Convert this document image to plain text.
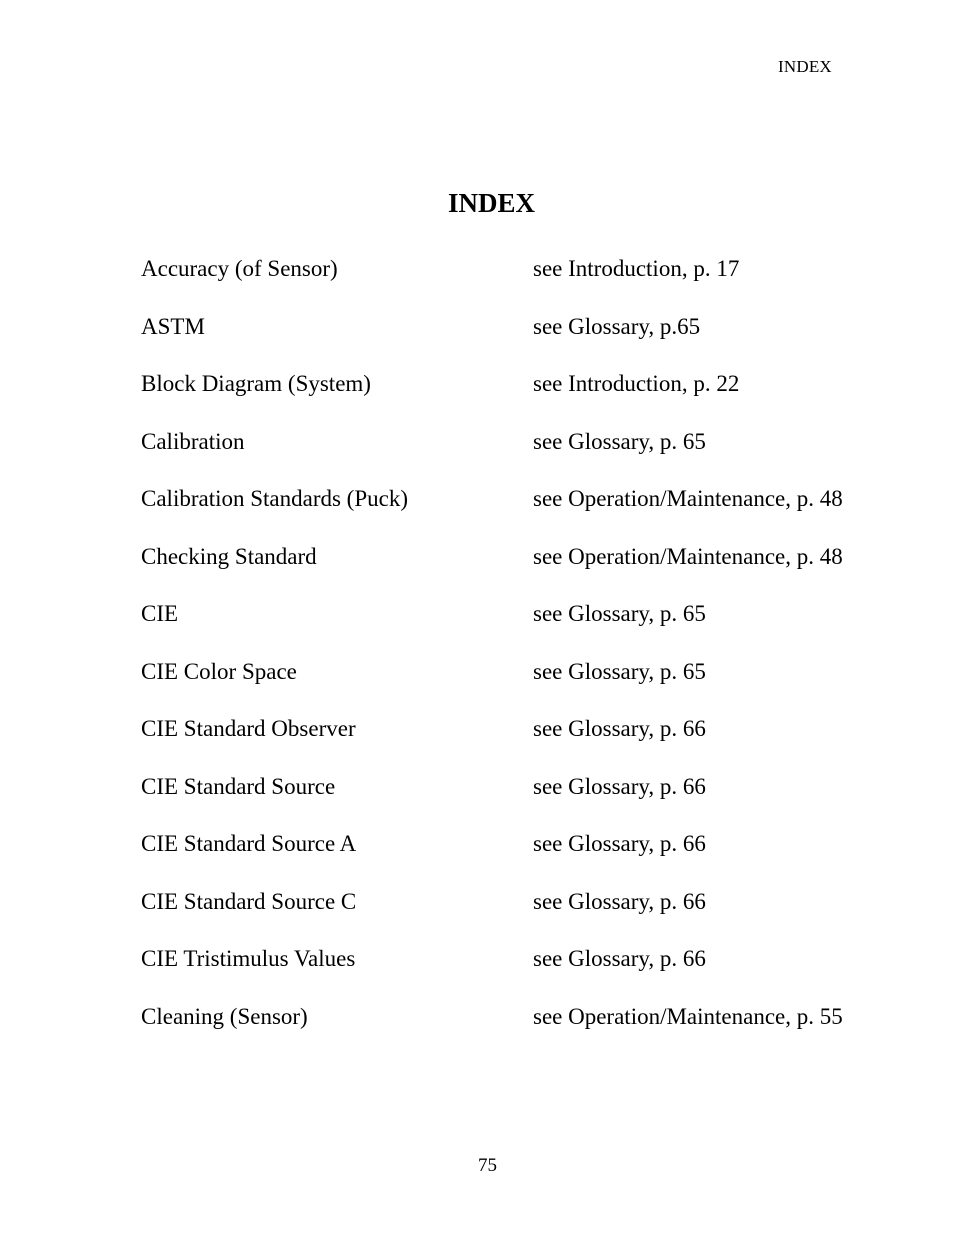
INDEX
INDEX
Accuracy (of Sensor)	see Introduction, p. 17
ASTM	see Glossary, p.65
Block Diagram (System)	see Introduction, p. 22
Calibration	see Glossary, p. 65
Calibration Standards (Puck)	see Operation/Maintenance, p. 48
Checking Standard	see Operation/Maintenance, p. 48
CIE	see Glossary, p. 65
CIE Color Space	see Glossary, p. 65
CIE Standard Observer	see Glossary, p. 66
CIE Standard Source	see Glossary, p. 66
CIE Standard Source A	see Glossary, p. 66
CIE Standard Source C	see Glossary, p. 66
CIE Tristimulus Values	see Glossary, p. 66
Cleaning (Sensor)	see Operation/Maintenance, p. 55
75
